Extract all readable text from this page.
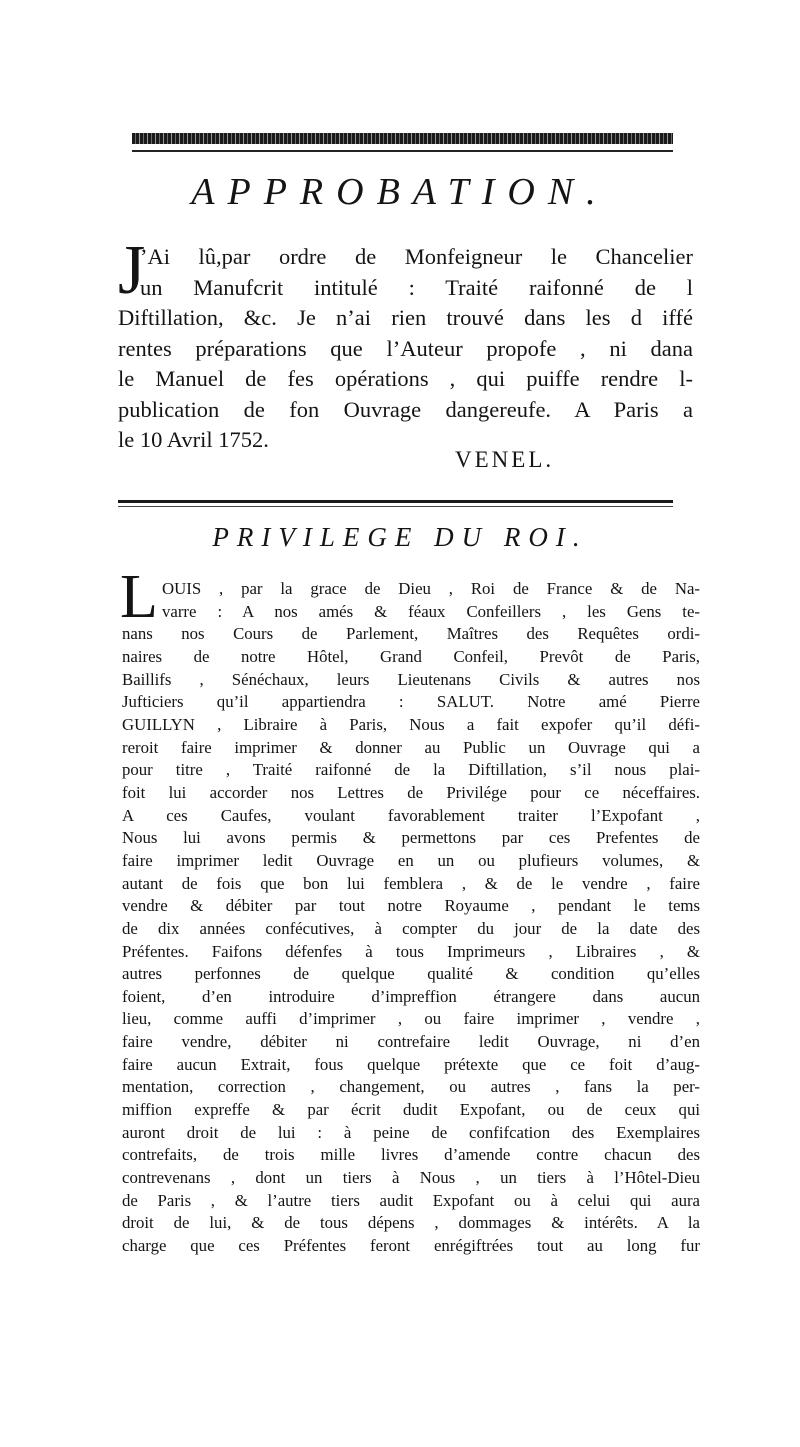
APPROBATION.
J
’Ai lû,par ordre de Monfeigneur le Chancelier
un Manufcrit intitulé : Traité raifonné de l
Diftillation, &c. Je n’ai rien trouvé dans les d iffé
rentes préparations que l’Auteur propofe , ni dana
le Manuel de fes opérations , qui puiffe rendre l-
publication de fon Ouvrage dangereufe. A Paris a
le 10 Avril 1752.
VENEL.
PRIVILEGE DU ROI.
L OUIS , par la grace de Dieu , Roi de France & de Na-
varre : A nos amés & féaux Confeillers , les Gens te-
nans nos Cours de Parlement, Maîtres des Requêtes ordi-
naires de notre Hôtel, Grand Confeil, Prevôt de Paris,
Baillifs , Sénéchaux, leurs Lieutenans Civils & autres nos
Jufticiers qu’il appartiendra : SALUT. Notre amé Pierre
GUILLYN , Libraire à Paris, Nous a fait expofer qu’il défi-
reroit faire imprimer & donner au Public un Ouvrage qui a
pour titre , Traité raifonné de la Diftillation, s’il nous plai-
foit lui accorder nos Lettres de Privilége pour ce néceffaires.
A ces Caufes, voulant favorablement traiter l’Expofant ,
Nous lui avons permis & permettons par ces Prefentes de
faire imprimer ledit Ouvrage en un ou plufieurs volumes, &
autant de fois que bon lui femblera , & de le vendre , faire
vendre & débiter par tout notre Royaume , pendant le tems
de dix années confécutives, à compter du jour de la date des
Préfentes. Faifons défenfes à tous Imprimeurs , Libraires , &
autres perfonnes de quelque qualité & condition qu’elles
foient, d’en introduire d’impreffion étrangere dans aucun
lieu, comme auffi d’imprimer , ou faire imprimer , vendre ,
faire vendre, débiter ni contrefaire ledit Ouvrage, ni d’en
faire aucun Extrait, fous quelque prétexte que ce foit d’aug-
mentation, correction , changement, ou autres , fans la per-
miffion expreffe & par écrit dudit Expofant, ou de ceux qui
auront droit de lui : à peine de confifcation des Exemplaires
contrefaits, de trois mille livres d’amende contre chacun des
contrevenans , dont un tiers à Nous , un tiers à l’Hôtel-Dieu
de Paris , & l’autre tiers audit Expofant ou à celui qui aura
droit de lui, & de tous dépens , dommages & intérêts. A la
charge que ces Préfentes feront enrégiftrées tout au long fur
